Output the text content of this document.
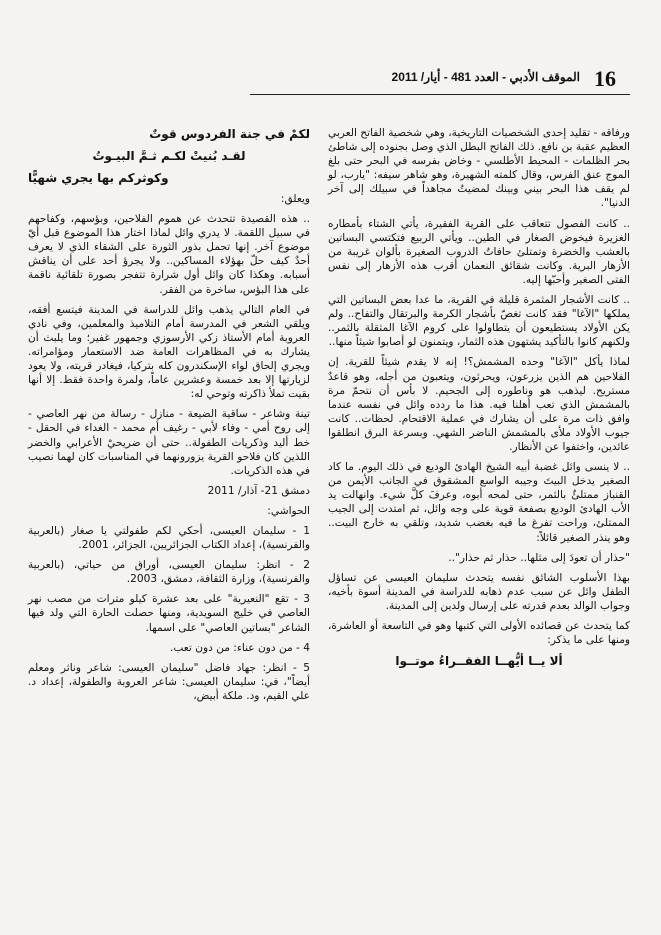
16
الموقف الأدبي - العدد 481 - أيار/ 2011

ورفاقه - تقليد إحدى الشخصيات التاريخية، وهي شخصية الفاتح العربي العظيم عقبة بن نافع. ذلك الفاتح البطل الذي وصل بجنوده إلى شاطئ بحر الظلمات - المحيط الأطلسي - وخاض بفرسه في البحر حتى بلغ الموج عنق الفرس، وقال كلمته الشهيرة، وهو شاهر سيفه: "يارب، لو لم يقف هذا البحر بيني وبينك لمضيتُ مجاهداً في سبيلك إلى آخر الدنيا".

.. كانت الفصول تتعاقب على القرية الفقيرة، يأتي الشتاء بأمطاره الغزيرة فيخوض الصغار في الطين.. ويأتي الربيع فتكتسي البساتين بالعشب والخضرة وتمتلئ حافاتُ الدروب الصغيرة بألوان غريبة من الأزهار البرية. وكانت شقائق النعمان أقرب هذه الأزهار إلى نفس الفتى الصغير وأحبّها إليه.

.. كانت الأشجار المثمرة قليلة في القرية، ما عدا بعض البساتين التي يملكها "الآغا" فقد كانت تغصّ بأشجار الكرمة والبرتقال والتفاح.. ولم يكن الأولاد يستطيعون أن يتطاولوا على كروم الآغا المثقلة بالثمر.. ولكنهم كانوا بالتأكيد يشتهون هذه الثمار، ويتمنون لو أصابوا شيئاً منها..

لماذا يأكل "الآغا" وحده المشمش؟! إنه لا يقدم شيئاً للقرية. إن الفلاحين هم الذين يزرعون، ويحرثون، ويتعبون من أجله، وهو قاعدٌ مستريح. ليذهب هو وناطوره إلى الجحيم. لا بأس أن نتحمّ مرة بالمشمش الذي تعب أهلنا فيه. هذا ما ردده وائل في نفسه عندما وافق ذات مرة على أن يشارك في عملية الاقتحام. لحظات.. كانت جيوب الأولاد ملأى بالمشمش الناضر الشهي. وبسرعة البرق انطلقوا عائدين، واختفوا عن الأنظار.

.. لا ينسى وائل غضبة أبيه الشيخ الهادئ الوديع في ذلك اليوم. ما كاد الصغير يدخل البيتَ وجيبه الواسع المشقوق في الجانب الأيمن من القنباز ممتلئٌ بالثمر، حتى لمحه أبوه، وعرفَ كلَّ شيء. وانهالت يد الأب الهادئ الوديع بصفعة قوية على وجه وائل، ثم امتدت إلى الجيب الممتلئ، وراحت تفرغ ما فيه بغضب شديد، وتلقي به خارج البيت.. وهو ينذر الصغير قائلاً:

"حذار أن تعودَ إلى مثلها.. حذار ثم حذار"..

بهذا الأسلوب الشائق نفسه يتحدث سليمان العيسى عن تساؤل الطفل وائل عن سبب عدم ذهابه للدراسة في المدينة أسوة بأخيه، وجواب الوالد بعدم قدرته على إرسال ولدين إلى المدينة.

كما يتحدث عن قصائده الأولى التي كتبها وهو في التاسعة أو العاشرة، ومنها على ما يذكر:

ألا يــا أيُّهــا الفقــراءُ موتــوا

لكمْ في جنة الفردوس قوتٌ

لقـد بُنيتْ لكـم ثـمَّ البيـوتُ

وكوثركم بها يجري شهيًّا

ويعلق:

.. هذه القصيدة تتحدث عن هموم الفلاحين، وبؤسهم، وكفاحهم في سبيل اللقمة. لا يدري وائل لماذا اختار هذا الموضوع قبل أيّ موضوع آخر. إنها تحمل بذور الثورة على الشقاء الذي لا يعرف أحدٌ كيف حلّ بهؤلاء المساكين.. ولا يجرؤ أحد على أن يناقش أسبابه. وهكذا كان وائل أول شرارة تتفجر بصورة تلقائية ناقمة على هذا البؤس، ساخرة من الفقر.

في العام التالي يذهب وائل للدراسة في المدينة فيتسع أفقه، ويلقي الشعر في المدرسة أمام التلاميذ والمعلمين، وفي نادي العروبة أمام الأستاذ زكي الأرسوزي وجمهور غفير؛ وما يلبث أن يشارك به في المظاهرات العامة ضد الاستعمار ومؤامراته. ويجري إلحاق لواء الإسكندرون كله بتركيا، فيغادر قريته، ولا يعود لزيارتها إلا بعد خمسة وعشرين عاماً، ولمرة واحدة فقط. إلا أنها بقيت تملأ ذاكرته وتوحي له:

تينة وشاعر - ساقية الضيعة - منازل - رسالة من نهر العاصي - إلى روح أمي - وفاء لأبي - رغيف أم محمد - الغداء في الحقل - خط أليد وذكريات الطفولة.. حتى أن ضريحيْ الأعرابي والخضر اللذين كان فلاحو القرية يزورونهما في المناسبات كان لهما نصيب في هذه الذكريات.

دمشق 21- آذار/ 2011

الحواشي:

1 - سليمان العيسى، أحكي لكم طفولتي يا صغار (بالعربية والفرنسية)، إعداد الكتاب الجزائريين، الجزائر، 2001.

2 - انظر: سليمان العيسى، أوراق من حياتي، (بالعربية والفرنسية)، وزارة الثقافة، دمشق، 2003.

3 - تقع "النعيرية" على بعد عشرة كيلو مترات من مصب نهر العاصي في خليج السويدية، ومنها حصلت الحارة التي ولد فيها الشاعر "بساتين العاصي" على اسمها.

4 - من دون عناء: من دون تعب.

5 - انظر: جهاد فاضل "سليمان العيسى: شاعر وناثر ومعلم أيضاً"، في: سليمان العيسى: شاعر العروبة والطفولة، إعداد د. علي القيم، ود. ملكة أبيض،
